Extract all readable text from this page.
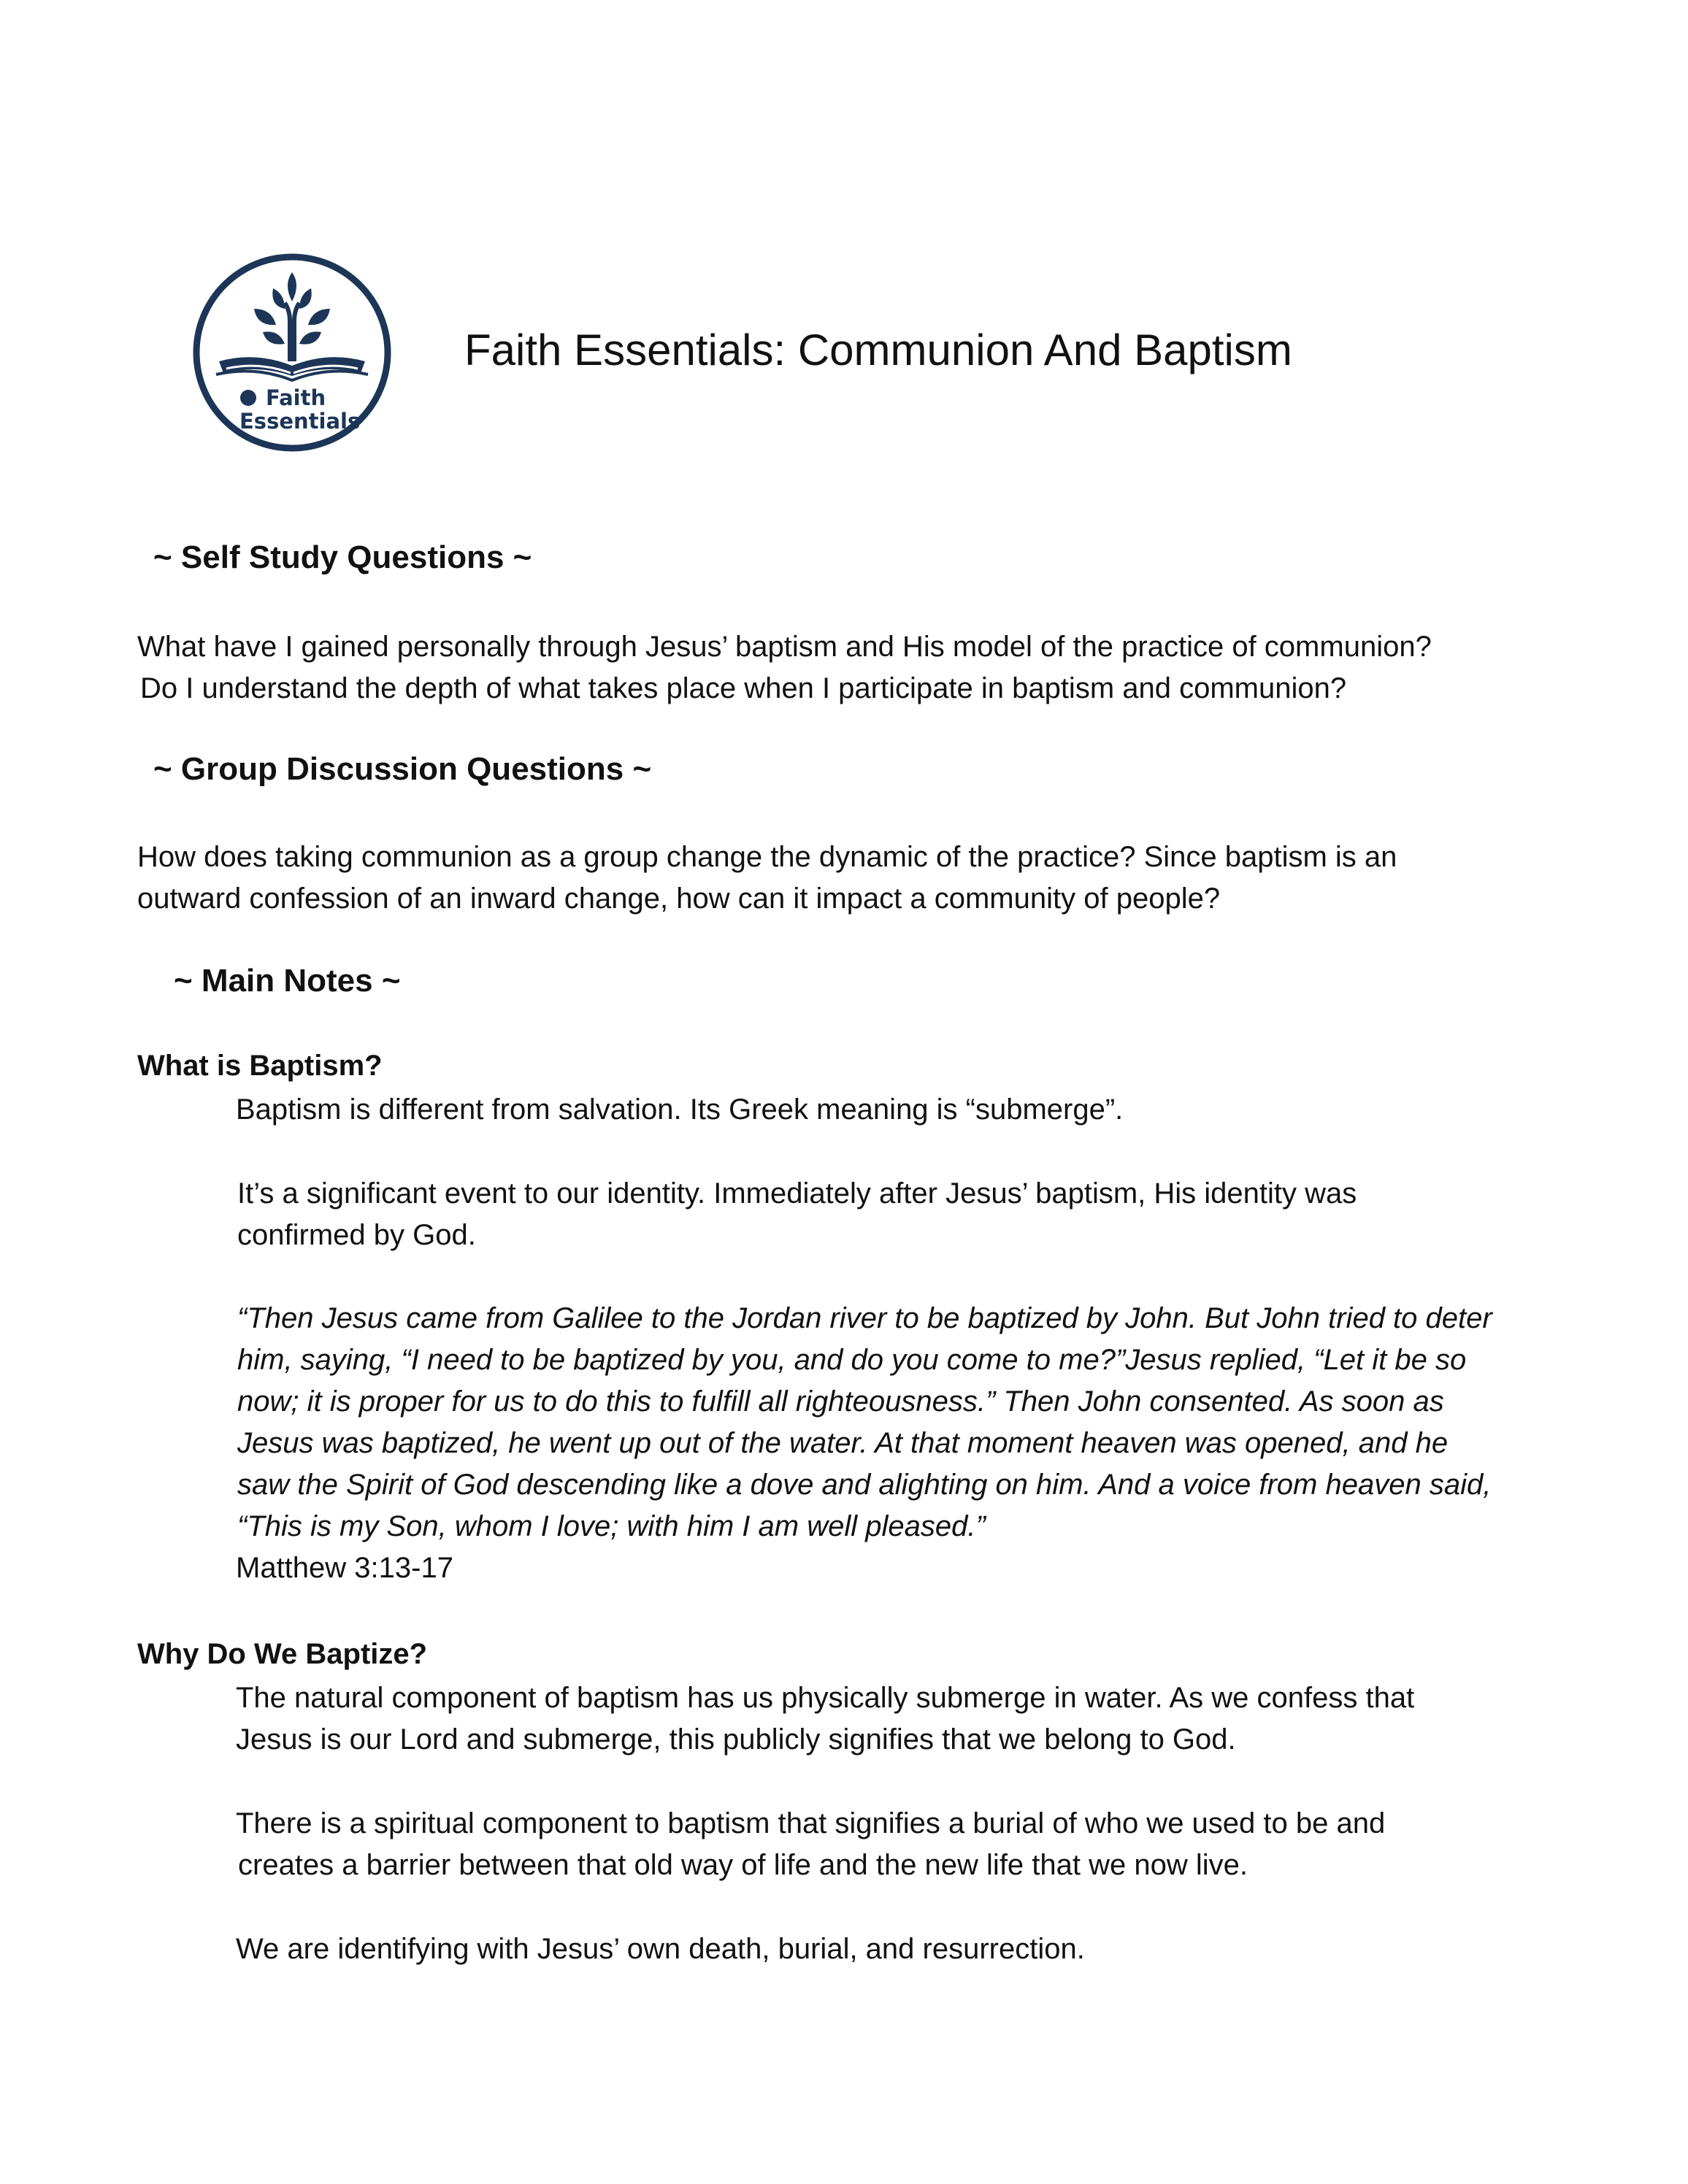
Faith
Essentials
Faith Essentials: Communion And Baptism
~ Self Study Questions ~
What have I gained personally through Jesus’ baptism and His model of the practice of communion?
Do I understand the depth of what takes place when I participate in baptism and communion?
~ Group Discussion Questions ~
How does taking communion as a group change the dynamic of the practice? Since baptism is an
outward confession of an inward change, how can it impact a community of people?
~ Main Notes ~
What is Baptism?
Baptism is different from salvation. Its Greek meaning is “submerge”.
It’s a significant event to our identity. Immediately after Jesus’ baptism, His identity was
confirmed by God.
“Then Jesus came from Galilee to the Jordan river to be baptized by John. But John tried to deter
him, saying, “I need to be baptized by you, and do you come to me?”Jesus replied, “Let it be so
now; it is proper for us to do this to fulfill all righteousness.” Then John consented. As soon as
Jesus was baptized, he went up out of the water. At that moment heaven was opened, and he
saw the Spirit of God descending like a dove and alighting on him. And a voice from heaven said,
“This is my Son, whom I love; with him I am well pleased.”
Matthew 3:13-17
Why Do We Baptize?
The natural component of baptism has us physically submerge in water. As we confess that
Jesus is our Lord and submerge, this publicly signifies that we belong to God.
There is a spiritual component to baptism that signifies a burial of who we used to be and
creates a barrier between that old way of life and the new life that we now live.
We are identifying with Jesus’ own death, burial, and resurrection.
